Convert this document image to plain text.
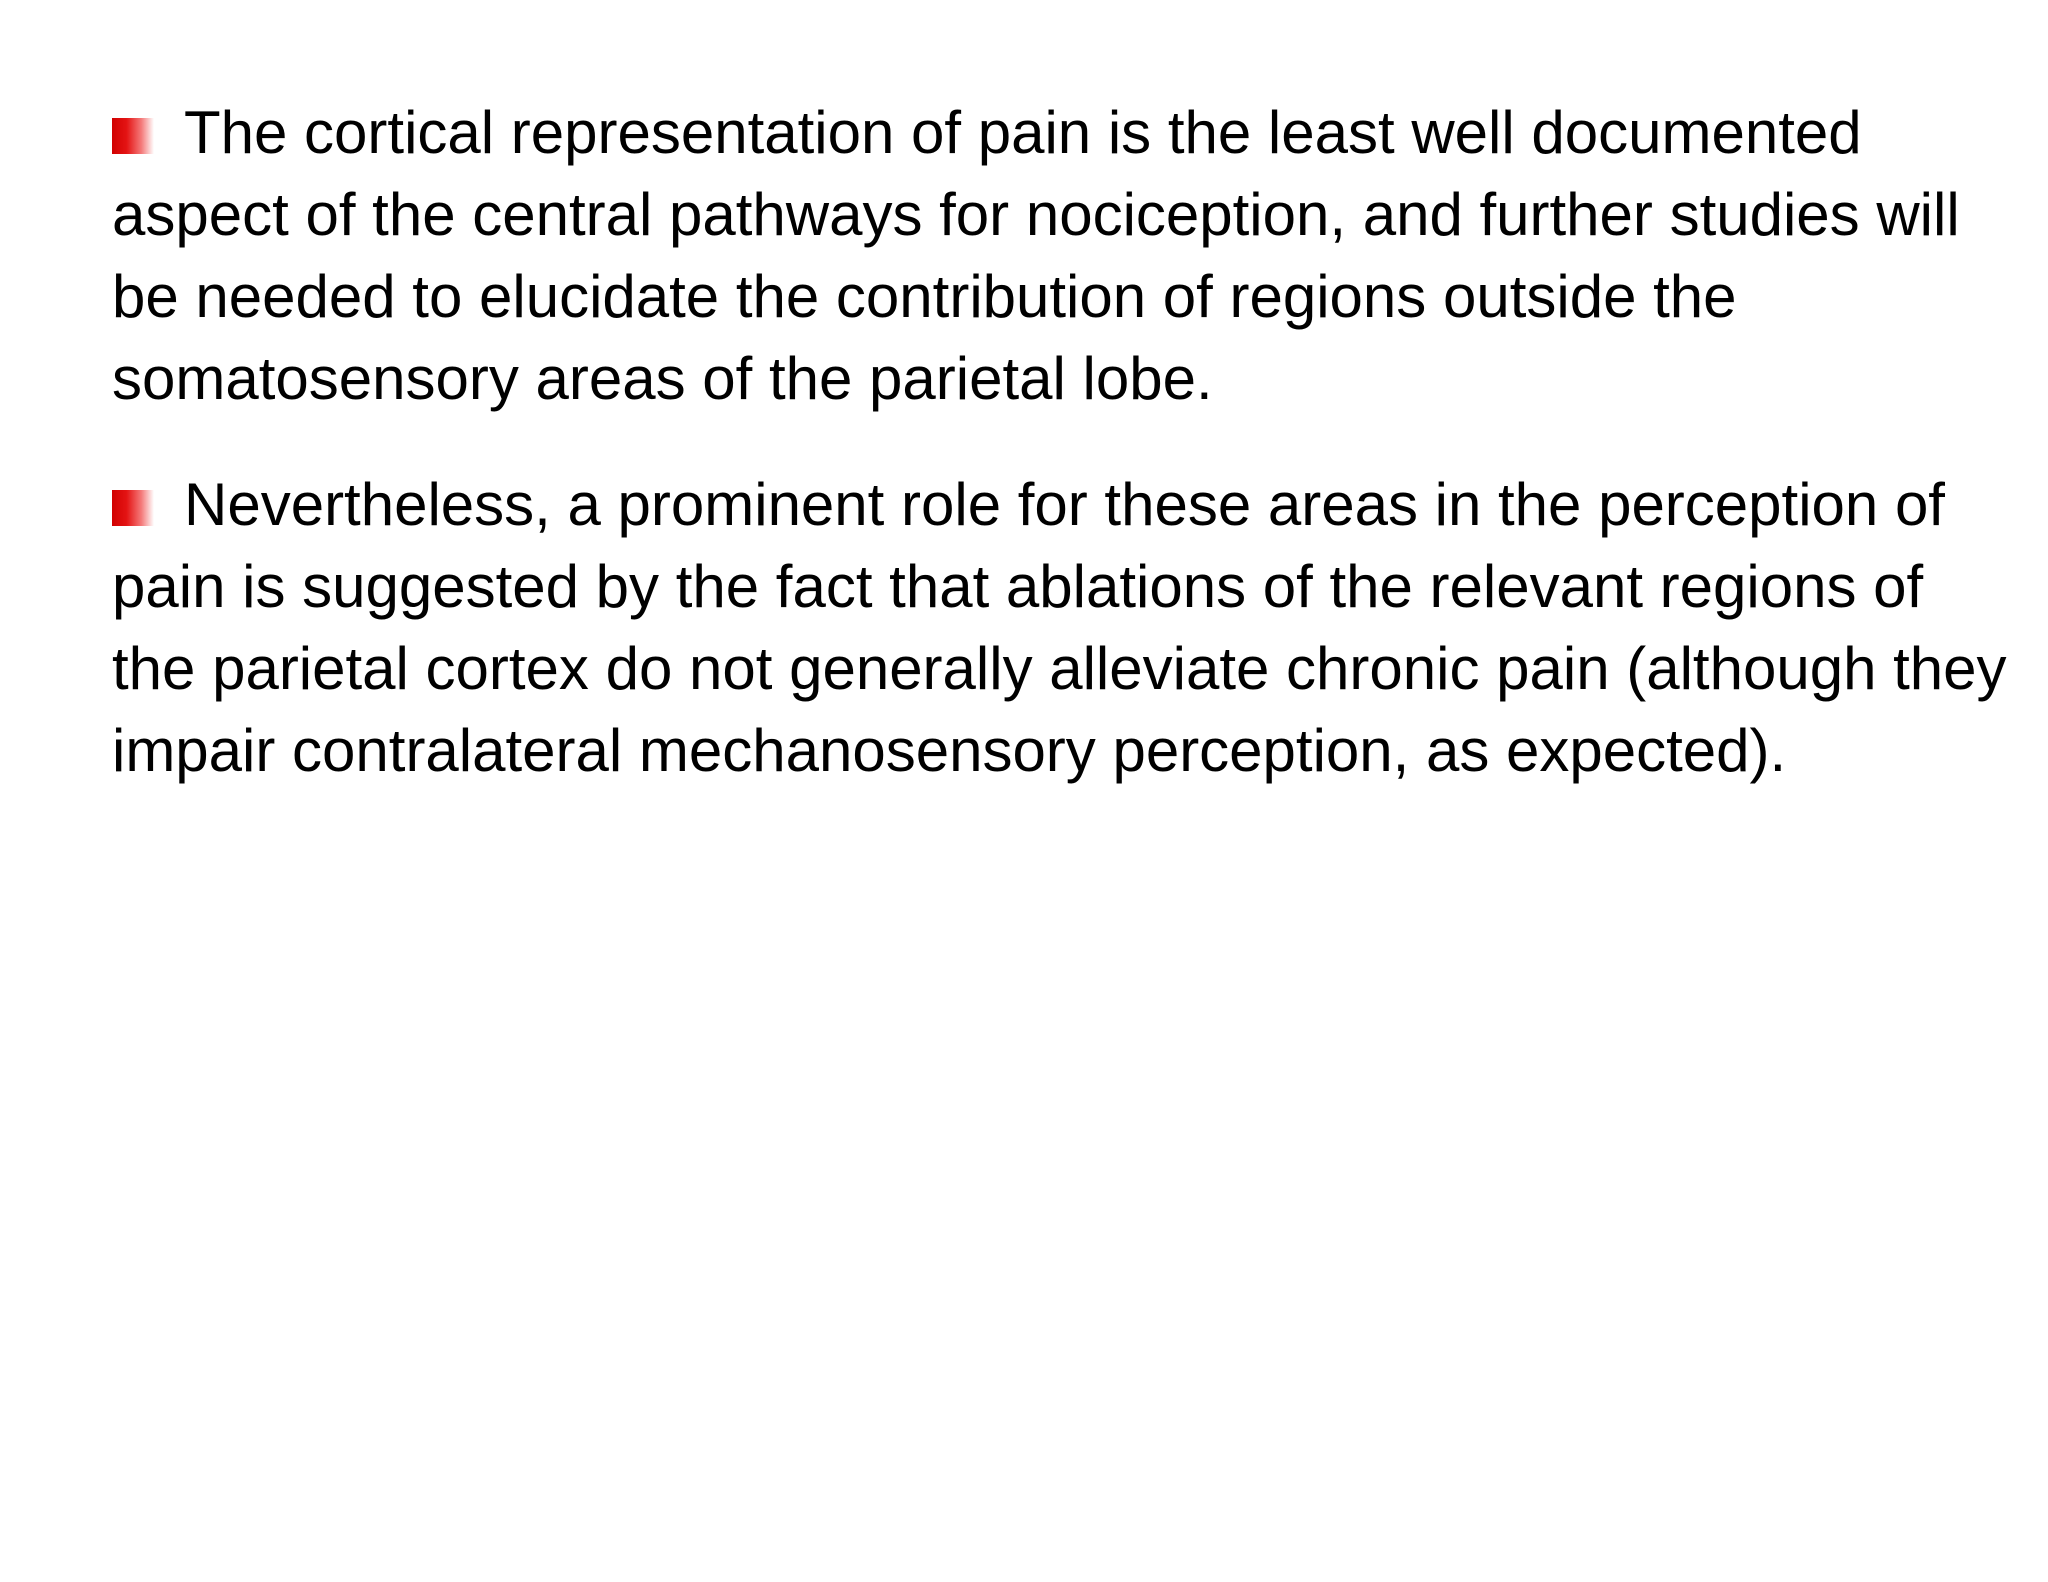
The cortical representation of pain is the least well documented aspect of the central pathways for nociception, and further studies will be needed to elucidate the contribution of regions outside the somatosensory areas of the parietal lobe.
Nevertheless, a prominent role for these areas in the perception of pain is suggested by the fact that ablations of the relevant regions of the parietal cortex do not generally alleviate chronic pain (although they impair contralateral mechanosensory perception, as expected).
